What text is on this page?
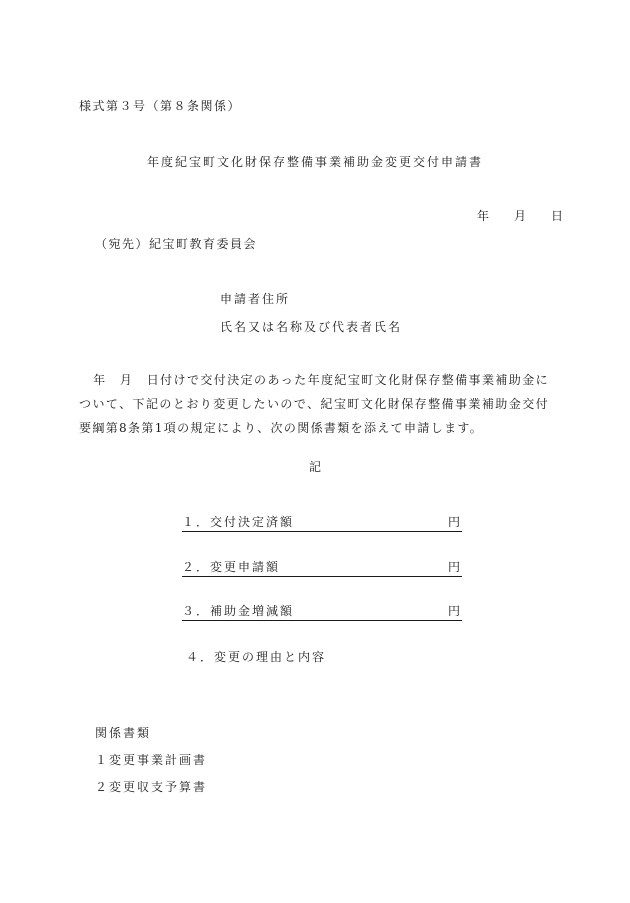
様式第３号（第８条関係）
年度紀宝町文化財保存整備事業補助金変更交付申請書
年 月 日
（宛先）紀宝町教育委員会
申請者住所
氏名又は名称及び代表者氏名
年　月　日付けで交付決定のあった年度紀宝町文化財保存整備事業補助金について、下記のとおり変更したいので、紀宝町文化財保存整備事業補助金交付要綱第8条第1項の規定により、次の関係書類を添えて申請します。
記
１．交付決定済額	円
２．変更申請額	円
３．補助金増減額	円
４．変更の理由と内容
関係書類
１変更事業計画書
２変更収支予算書
